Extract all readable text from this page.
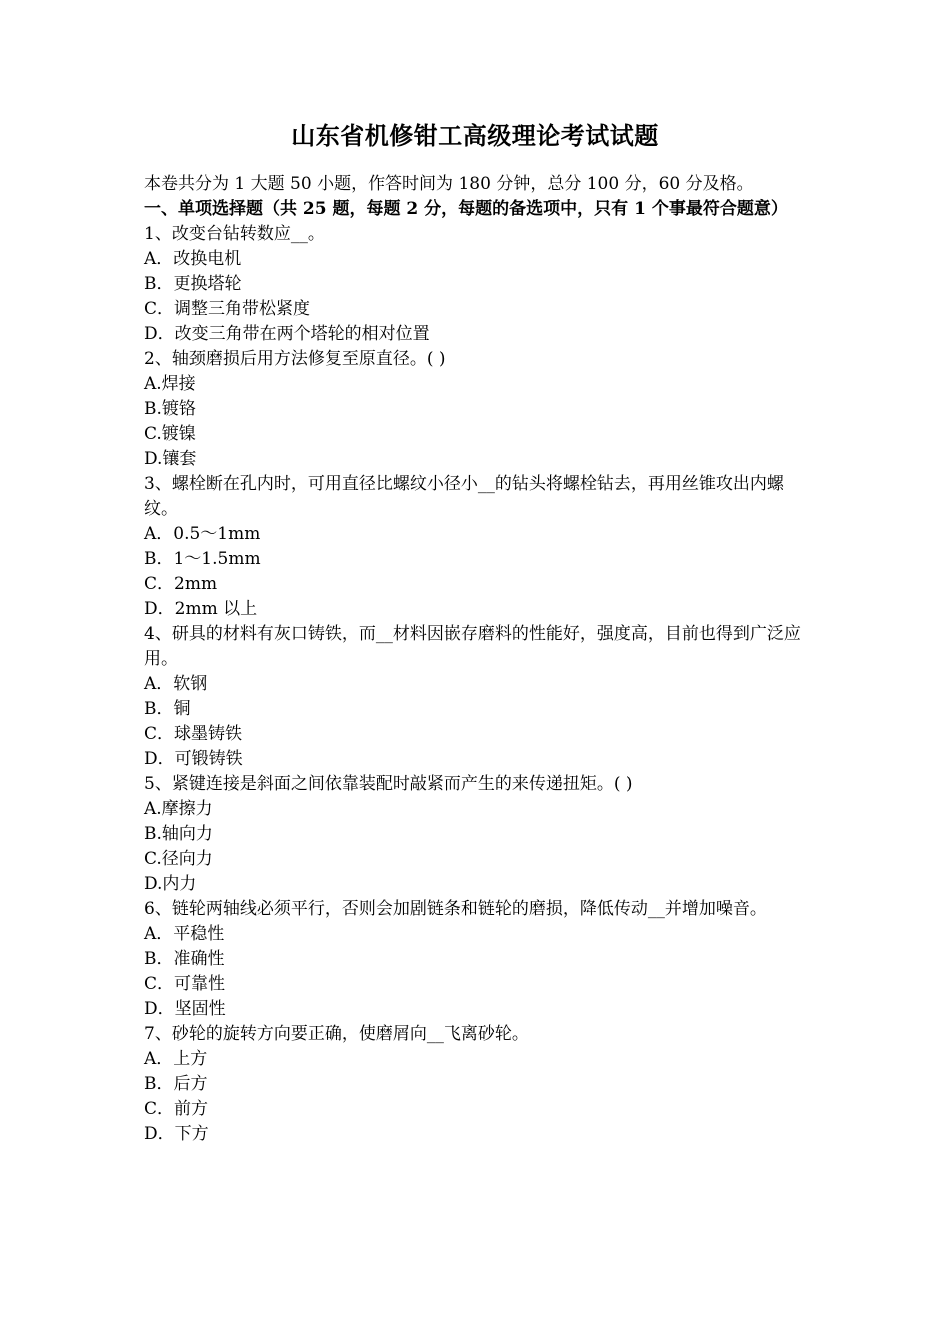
山东省机修钳工高级理论考试试题
本卷共分为 1 大题 50 小题，作答时间为 180 分钟，总分 100 分，60 分及格。
一、单项选择题（共 25 题，每题 2 分，每题的备选项中，只有 1 个事最符合题意）
1、改变台钻转数应__。
A．改换电机
B．更换塔轮
C．调整三角带松紧度
D．改变三角带在两个塔轮的相对位置
2、轴颈磨损后用方法修复至原直径。( )
A.焊接
B.镀铬
C.镀镍
D.镶套
3、螺栓断在孔内时，可用直径比螺纹小径小__的钻头将螺栓钻去，再用丝锥攻出内螺纹。
A．0.5～1mm
B．1～1.5mm
C．2mm
D．2mm 以上
4、研具的材料有灰口铸铁，而__材料因嵌存磨料的性能好，强度高，目前也得到广泛应用。
A．软钢
B．铜
C．球墨铸铁
D．可锻铸铁
5、紧键连接是斜面之间依靠装配时敲紧而产生的来传递扭矩。( )
A.摩擦力
B.轴向力
C.径向力
D.内力
6、链轮两轴线必须平行，否则会加剧链条和链轮的磨损，降低传动__并增加噪音。
A．平稳性
B．准确性
C．可靠性
D．坚固性
7、砂轮的旋转方向要正确，使磨屑向__飞离砂轮。
A．上方
B．后方
C．前方
D．下方
